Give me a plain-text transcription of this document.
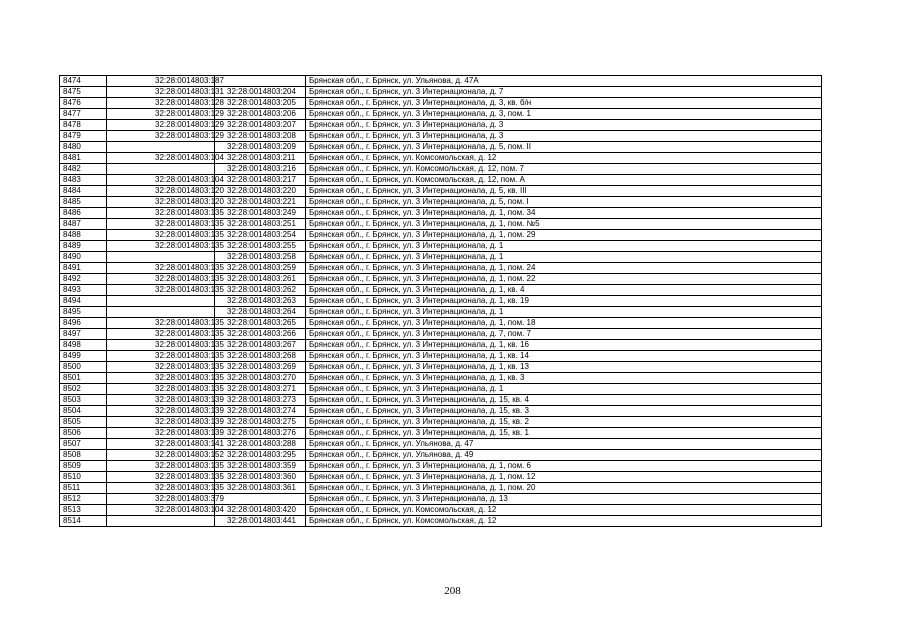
8474	32:28:0014803:187		Брянская обл., г. Брянск, ул. Ульянова, д. 47А
8475	32:28:0014803:131	32:28:0014803:204	Брянская обл., г. Брянск, ул. 3 Интернационала, д. 7
8476	32:28:0014803:128	32:28:0014803:205	Брянская обл., г. Брянск, ул. 3 Интернационала, д. 3, кв. б/н
8477	32:28:0014803:129	32:28:0014803:206	Брянская обл., г. Брянск, ул. 3 Интернационала, д. 3, пом. 1
8478	32:28:0014803:129	32:28:0014803:207	Брянская обл., г. Брянск, ул. 3 Интернационала, д. 3
8479	32:28:0014803:129	32:28:0014803:208	Брянская обл., г. Брянск, ул. 3 Интернационала, д. 3
8480		32:28:0014803:209	Брянская обл., г. Брянск, ул. 3 Интернационала, д. 5, пом. II
8481	32:28:0014803:104	32:28:0014803:211	Брянская обл., г. Брянск, ул. Комсомольская, д. 12
8482		32:28:0014803:216	Брянская обл., г. Брянск, ул. Комсомольская, д. 12, пом. 7
8483	32:28:0014803:104	32:28:0014803:217	Брянская обл., г. Брянск, ул. Комсомольская, д. 12, пом. А
8484	32:28:0014803:120	32:28:0014803:220	Брянская обл., г. Брянск, ул. 3 Интернационала, д. 5, кв. III
8485	32:28:0014803:120	32:28:0014803:221	Брянская обл., г. Брянск, ул. 3 Интернационала, д. 5, пом. I
8486	32:28:0014803:135	32:28:0014803:249	Брянская обл., г. Брянск, ул. 3 Интернационала, д. 1, пом. 34
8487	32:28:0014803:135	32:28:0014803:251	Брянская обл., г. Брянск, ул. 3 Интернационала, д. 1, пом. №5
8488	32:28:0014803:135	32:28:0014803:254	Брянская обл., г. Брянск, ул. 3 Интернационала, д. 1, пом. 29
8489	32:28:0014803:135	32:28:0014803:255	Брянская обл., г. Брянск, ул. 3 Интернационала, д. 1
8490		32:28:0014803:258	Брянская обл., г. Брянск, ул. 3 Интернационала, д. 1
8491	32:28:0014803:135	32:28:0014803:259	Брянская обл., г. Брянск, ул. 3 Интернационала, д. 1, пом. 24
8492	32:28:0014803:135	32:28:0014803:261	Брянская обл., г. Брянск, ул. 3 Интернационала, д. 1, пом. 22
8493	32:28:0014803:135	32:28:0014803:262	Брянская обл., г. Брянск, ул. 3 Интернационала, д. 1, кв. 4
8494		32:28:0014803:263	Брянская обл., г. Брянск, ул. 3 Интернационала, д. 1, кв. 19
8495		32:28:0014803:264	Брянская обл., г. Брянск, ул. 3 Интернационала, д. 1
8496	32:28:0014803:135	32:28:0014803:265	Брянская обл., г. Брянск, ул. 3 Интернационала, д. 1, пом. 18
8497	32:28:0014803:135	32:28:0014803:266	Брянская обл., г. Брянск, ул. 3 Интернационала, д. 7, пом. 7
8498	32:28:0014803:135	32:28:0014803:267	Брянская обл., г. Брянск, ул. 3 Интернационала, д. 1, кв. 16
8499	32:28:0014803:135	32:28:0014803:268	Брянская обл., г. Брянск, ул. 3 Интернационала, д. 1, кв. 14
8500	32:28:0014803:135	32:28:0014803:269	Брянская обл., г. Брянск, ул. 3 Интернационала, д. 1, кв. 13
8501	32:28:0014803:135	32:28:0014803:270	Брянская обл., г. Брянск, ул. 3 Интернационала, д. 1, кв. 3
8502	32:28:0014803:135	32:28:0014803:271	Брянская обл., г. Брянск, ул. 3 Интернационала, д. 1
8503	32:28:0014803:139	32:28:0014803:273	Брянская обл., г. Брянск, ул. 3 Интернационала, д. 15, кв. 4
8504	32:28:0014803:139	32:28:0014803:274	Брянская обл., г. Брянск, ул. 3 Интернационала, д. 15, кв. 3
8505	32:28:0014803:139	32:28:0014803:275	Брянская обл., г. Брянск, ул. 3 Интернационала, д. 15, кв. 2
8506	32:28:0014803:139	32:28:0014803:276	Брянская обл., г. Брянск, ул. 3 Интернационала, д. 15, кв. 1
8507	32:28:0014803:141	32:28:0014803:288	Брянская обл., г. Брянск, ул. Ульянова, д. 47
8508	32:28:0014803:152	32:28:0014803:295	Брянская обл., г. Брянск, ул. Ульянова, д. 49
8509	32:28:0014803:135	32:28:0014803:359	Брянская обл., г. Брянск, ул. 3 Интернационала, д. 1, пом. 6
8510	32:28:0014803:135	32:28:0014803:360	Брянская обл., г. Брянск, ул. 3 Интернационала, д. 1, пом. 12
8511	32:28:0014803:135	32:28:0014803:361	Брянская обл., г. Брянск, ул. 3 Интернационала, д. 1, пом. 20
8512	32:28:0014803:379		Брянская обл., г. Брянск, ул. 3 Интернационала, д. 13
8513	32:28:0014803:104	32:28:0014803:420	Брянская обл., г. Брянск, ул. Комсомольская, д. 12
8514		32:28:0014803:441	Брянская обл., г. Брянск, ул. Комсомольская, д. 12
208
